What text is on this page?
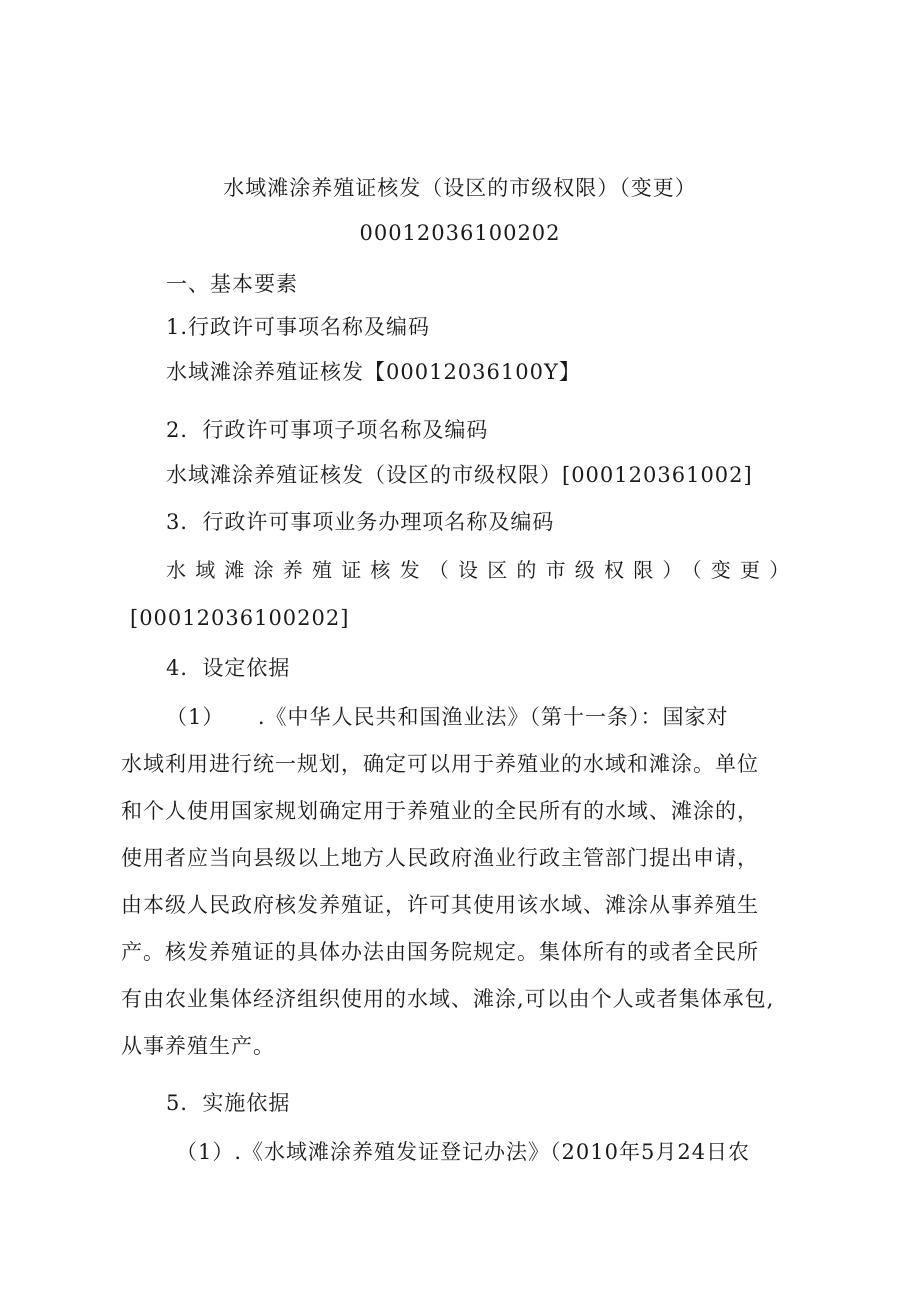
水域滩涂养殖证核发（设区的市级权限）（变更）
00012036100202
一、基本要素
1.行政许可事项名称及编码
水域滩涂养殖证核发【00012036100Y】
2．行政许可事项子项名称及编码
水域滩涂养殖证核发（设区的市级权限）[000120361002]
3．行政许可事项业务办理项名称及编码
水域滩涂养殖证核发（设区的市级权限）（变更）
[00012036100202]
4．设定依据
（1）　　.《中华人民共和国渔业法》（第十一条）：国家对
水域利用进行统一规划，确定可以用于养殖业的水域和滩涂。单位
和个人使用国家规划确定用于养殖业的全民所有的水域、滩涂的，
使用者应当向县级以上地方人民政府渔业行政主管部门提出申请，
由本级人民政府核发养殖证，许可其使用该水域、滩涂从事养殖生
产。核发养殖证的具体办法由国务院规定。集体所有的或者全民所
有由农业集体经济组织使用的水域、滩涂,可以由个人或者集体承包,
从事养殖生产。
5．实施依据
（1）.《水域滩涂养殖发证登记办法》（2010年5月24日农
